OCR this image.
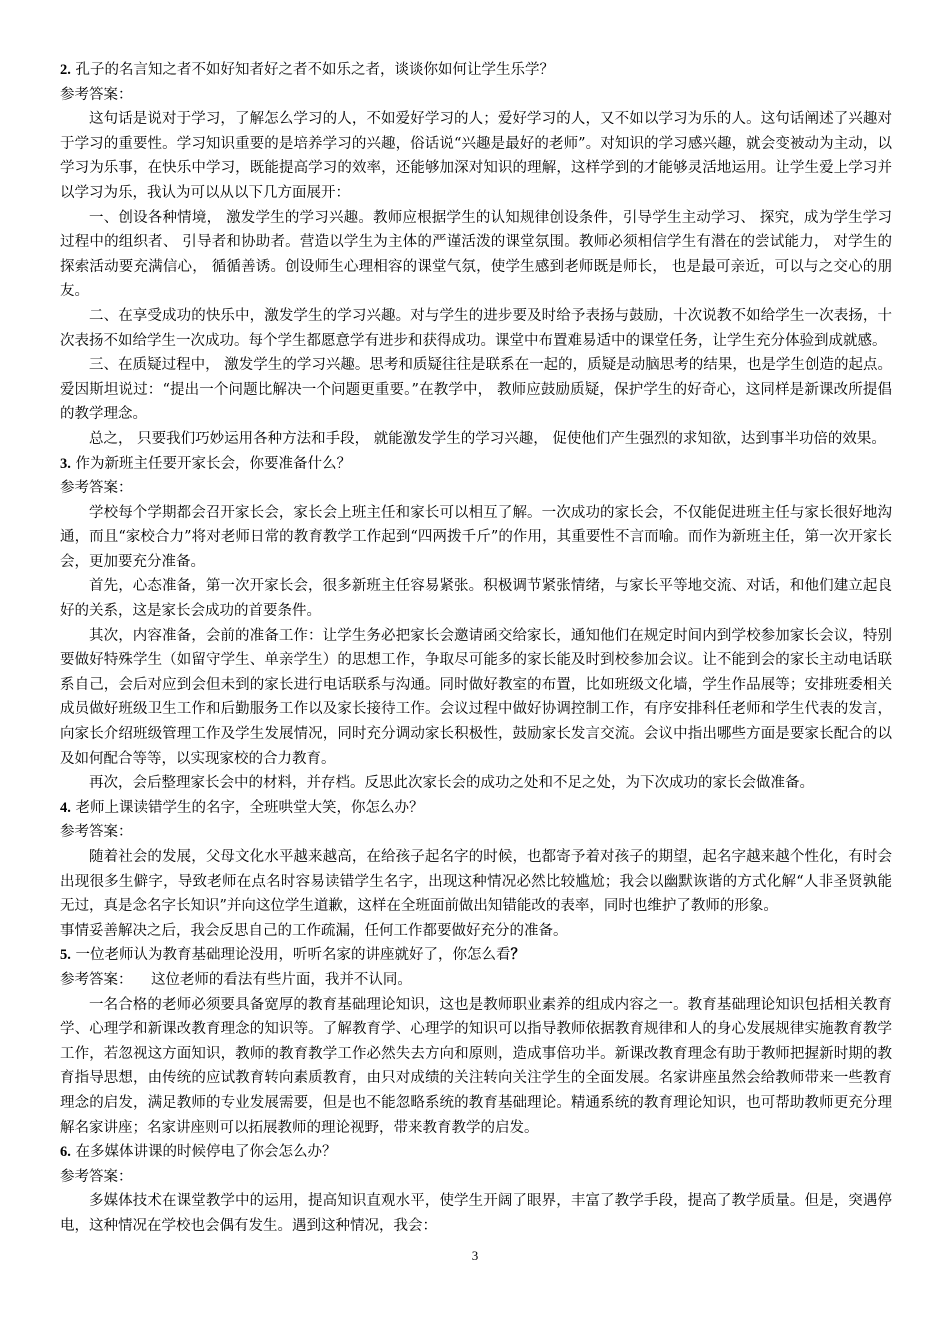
2. 孔子的名言知之者不如好知者好之者不如乐之者，谈谈你如何让学生乐学？

参考答案：

这句话是说对于学习，了解怎么学习的人，不如爱好学习的人；爱好学习的人，又不如以学习为乐的人。这句话阐述了兴趣对于学习的重要性。学习知识重要的是培养学习的兴趣，俗话说“兴趣是最好的老师”。对知识的学习感兴趣，就会变被动为主动，以学习为乐事，在快乐中学习，既能提高学习的效率，还能够加深对知识的理解，这样学到的才能够灵活地运用。让学生爱上学习并以学习为乐，我认为可以从以下几方面展开：

一、创设各种情境， 激发学生的学习兴趣。教师应根据学生的认知规律创设条件，引导学生主动学习、 探究，成为学生学习过程中的组织者、 引导者和协助者。营造以学生为主体的严谨活泼的课堂氛围。教师必须相信学生有潜在的尝试能力， 对学生的探索活动要充满信心， 循循善诱。创设师生心理相容的课堂气氛，使学生感到老师既是师长， 也是最可亲近，可以与之交心的朋友。

二、在享受成功的快乐中，激发学生的学习兴趣。对与学生的进步要及时给予表扬与鼓励，十次说教不如给学生一次表扬，十次表扬不如给学生一次成功。每个学生都愿意学有进步和获得成功。课堂中布置难易适中的课堂任务，让学生充分体验到成就感。

三、在质疑过程中， 激发学生的学习兴趣。思考和质疑往往是联系在一起的，质疑是动脑思考的结果，也是学生创造的起点。爱因斯坦说过：“提出一个问题比解决一个问题更重要。”在教学中， 教师应鼓励质疑，保护学生的好奇心，这同样是新课改所提倡的教学理念。

总之， 只要我们巧妙运用各种方法和手段， 就能激发学生的学习兴趣， 促使他们产生强烈的求知欲，达到事半功倍的效果。

3. 作为新班主任要开家长会，你要准备什么？

参考答案：

学校每个学期都会召开家长会，家长会上班主任和家长可以相互了解。一次成功的家长会，不仅能促进班主任与家长很好地沟通，而且“家校合力”将对老师日常的教育教学工作起到“四两拨千斤”的作用，其重要性不言而喻。而作为新班主任，第一次开家长会，更加要充分准备。

首先，心态准备，第一次开家长会，很多新班主任容易紧张。积极调节紧张情绪，与家长平等地交流、对话，和他们建立起良好的关系，这是家长会成功的首要条件。

其次，内容准备，会前的准备工作：让学生务必把家长会邀请函交给家长，通知他们在规定时间内到学校参加家长会议，特别要做好特殊学生（如留守学生、单亲学生）的思想工作，争取尽可能多的家长能及时到校参加会议。让不能到会的家长主动电话联系自己，会后对应到会但未到的家长进行电话联系与沟通。同时做好教室的布置，比如班级文化墙，学生作品展等；安排班委相关成员做好班级卫生工作和后勤服务工作以及家长接待工作。会议过程中做好协调控制工作，有序安排科任老师和学生代表的发言，向家长介绍班级管理工作及学生发展情况，同时充分调动家长积极性，鼓励家长发言交流。会议中指出哪些方面是要家长配合的以及如何配合等等，以实现家校的合力教育。

再次，会后整理家长会中的材料，并存档。反思此次家长会的成功之处和不足之处，为下次成功的家长会做准备。

4. 老师上课读错学生的名字，全班哄堂大笑，你怎么办？

参考答案：

随着社会的发展，父母文化水平越来越高，在给孩子起名字的时候，也都寄予着对孩子的期望，起名字越来越个性化，有时会出现很多生僻字，导致老师在点名时容易读错学生名字，出现这种情况必然比较尴尬；我会以幽默诙谐的方式化解“人非圣贤孰能无过，真是念名字长知识”并向这位学生道歉，这样在全班面前做出知错能改的表率，同时也维护了教师的形象。

事情妥善解决之后，我会反思自己的工作疏漏，任何工作都要做好充分的准备。

5. 一位老师认为教育基础理论没用，听听名家的讲座就好了，你怎么看？

参考答案： 这位老师的看法有些片面，我并不认同。

一名合格的老师必须要具备宽厚的教育基础理论知识，这也是教师职业素养的组成内容之一。教育基础理论知识包括相关教育学、心理学和新课改教育理念的知识等。了解教育学、心理学的知识可以指导教师依据教育规律和人的身心发展规律实施教育教学工作，若忽视这方面知识，教师的教育教学工作必然失去方向和原则，造成事倍功半。新课改教育理念有助于教师把握新时期的教育指导思想，由传统的应试教育转向素质教育，由只对成绩的关注转向关注学生的全面发展。名家讲座虽然会给教师带来一些教育理念的启发，满足教师的专业发展需要，但是也不能忽略系统的教育基础理论。精通系统的教育理论知识，也可帮助教师更充分理解名家讲座；名家讲座则可以拓展教师的理论视野，带来教育教学的启发。

6. 在多媒体讲课的时候停电了你会怎么办？

参考答案：

多媒体技术在课堂教学中的运用，提高知识直观水平，使学生开阔了眼界，丰富了教学手段，提高了教学质量。但是，突遇停电，这种情况在学校也会偶有发生。遇到这种情况，我会：

3
